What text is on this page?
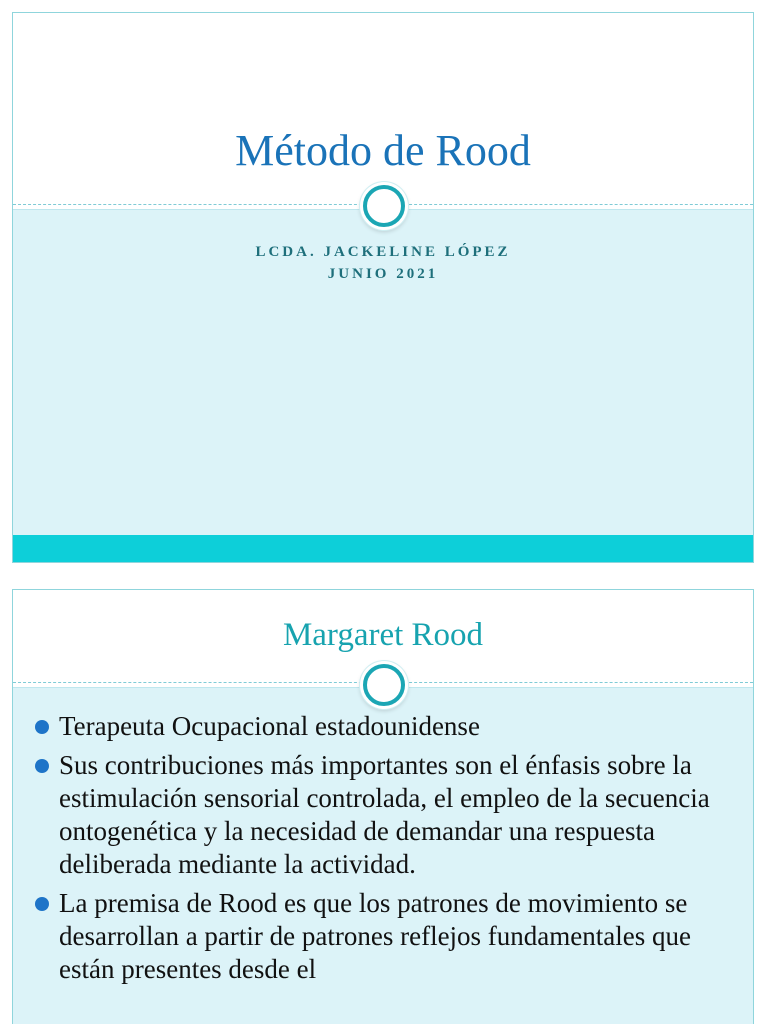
Método de Rood
LCDA. JACKELINE LÓPEZ
JUNIO 2021
Margaret Rood
Terapeuta Ocupacional estadounidense
Sus contribuciones más importantes son el énfasis sobre la estimulación sensorial controlada, el empleo de la secuencia ontogenética y la necesidad de demandar una respuesta deliberada mediante la actividad.
La premisa de Rood es que los patrones de movimiento se desarrollan a partir de patrones reflejos fundamentales que están presentes desde el
